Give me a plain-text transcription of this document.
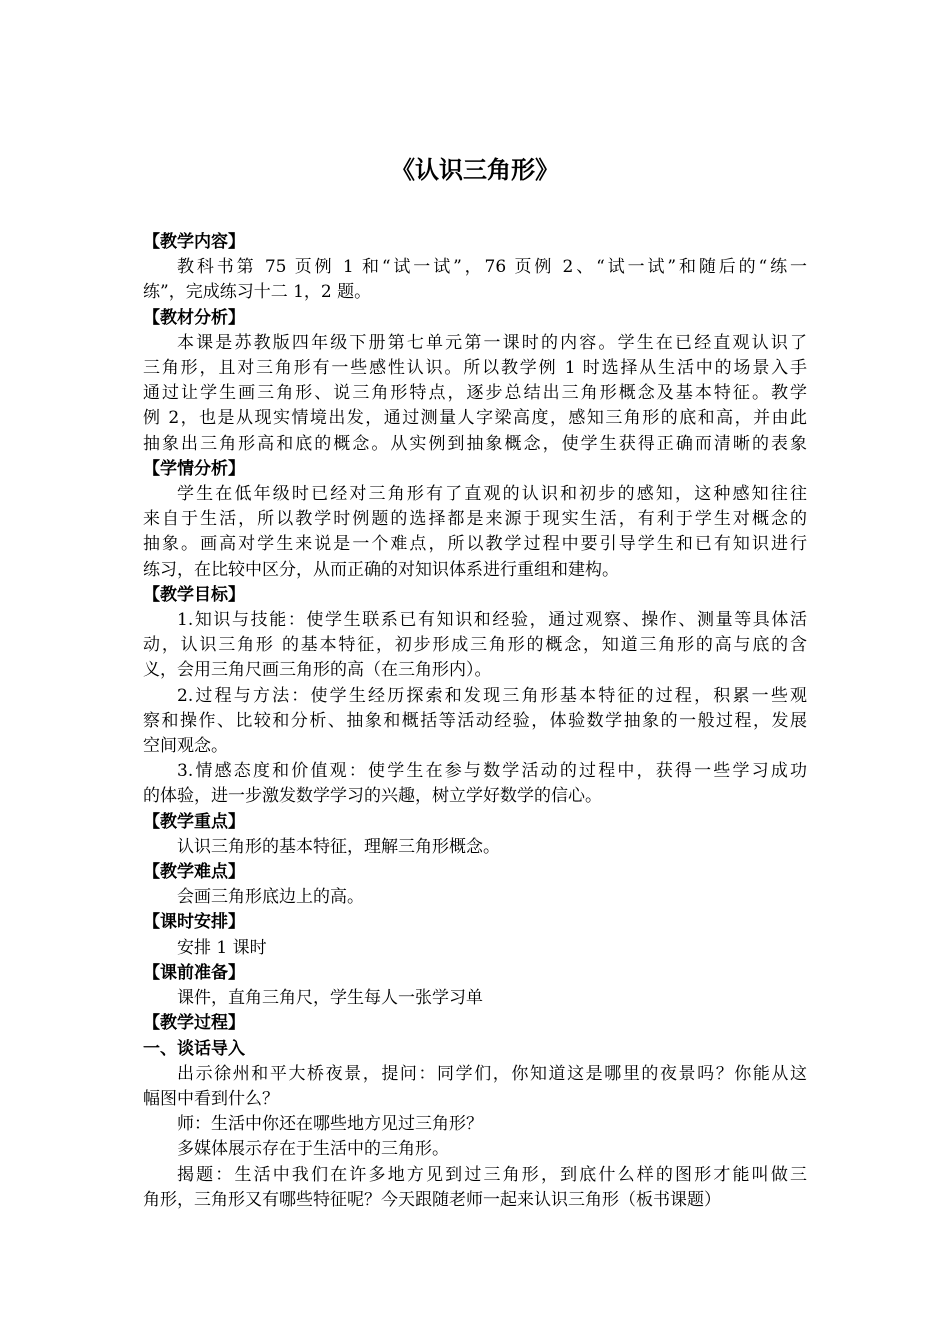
《认识三角形》
【教学内容】

教科书第 75 页例 1 和“试一试”，76 页例 2、“试一试”和随后的“练一
练”，完成练习十二 1，2 题。

【教材分析】

本课是苏教版四年级下册第七单元第一课时的内容。学生在已经直观认识了
三角形，且对三角形有一些感性认识。所以教学例 1 时选择从生活中的场景入手
通过让学生画三角形、说三角形特点，逐步总结出三角形概念及基本特征。教学
例 2，也是从现实情境出发，通过测量人字梁高度，感知三角形的底和高，并由此
抽象出三角形高和底的概念。从实例到抽象概念，使学生获得正确而清晰的表象

【学情分析】

学生在低年级时已经对三角形有了直观的认识和初步的感知，这种感知往往
来自于生活，所以教学时例题的选择都是来源于现实生活，有利于学生对概念的
抽象。画高对学生来说是一个难点，所以教学过程中要引导学生和已有知识进行
练习，在比较中区分，从而正确的对知识体系进行重组和建构。

【教学目标】

1.知识与技能：使学生联系已有知识和经验，通过观察、操作、测量等具体活
动，认识三角形 的基本特征，初步形成三角形的概念，知道三角形的高与底的含
义，会用三角尺画三角形的高（在三角形内）。

2.过程与方法：使学生经历探索和发现三角形基本特征的过程，积累一些观
察和操作、比较和分析、抽象和概括等活动经验，体验数学抽象的一般过程，发展
空间观念。

3.情感态度和价值观：使学生在参与数学活动的过程中，获得一些学习成功
的体验，进一步激发数学学习的兴趣，树立学好数学的信心。

【教学重点】

认识三角形的基本特征，理解三角形概念。

【教学难点】

会画三角形底边上的高。

【课时安排】

安排 1 课时

【课前准备】

课件，直角三角尺，学生每人一张学习单

【教学过程】
一、谈话导入

出示徐州和平大桥夜景，提问：同学们，你知道这是哪里的夜景吗？你能从这
幅图中看到什么？

师：生活中你还在哪些地方见过三角形？

多媒体展示存在于生活中的三角形。

揭题：生活中我们在许多地方见到过三角形，到底什么样的图形才能叫做三
角形，三角形又有哪些特征呢？今天跟随老师一起来认识三角形（板书课题）
